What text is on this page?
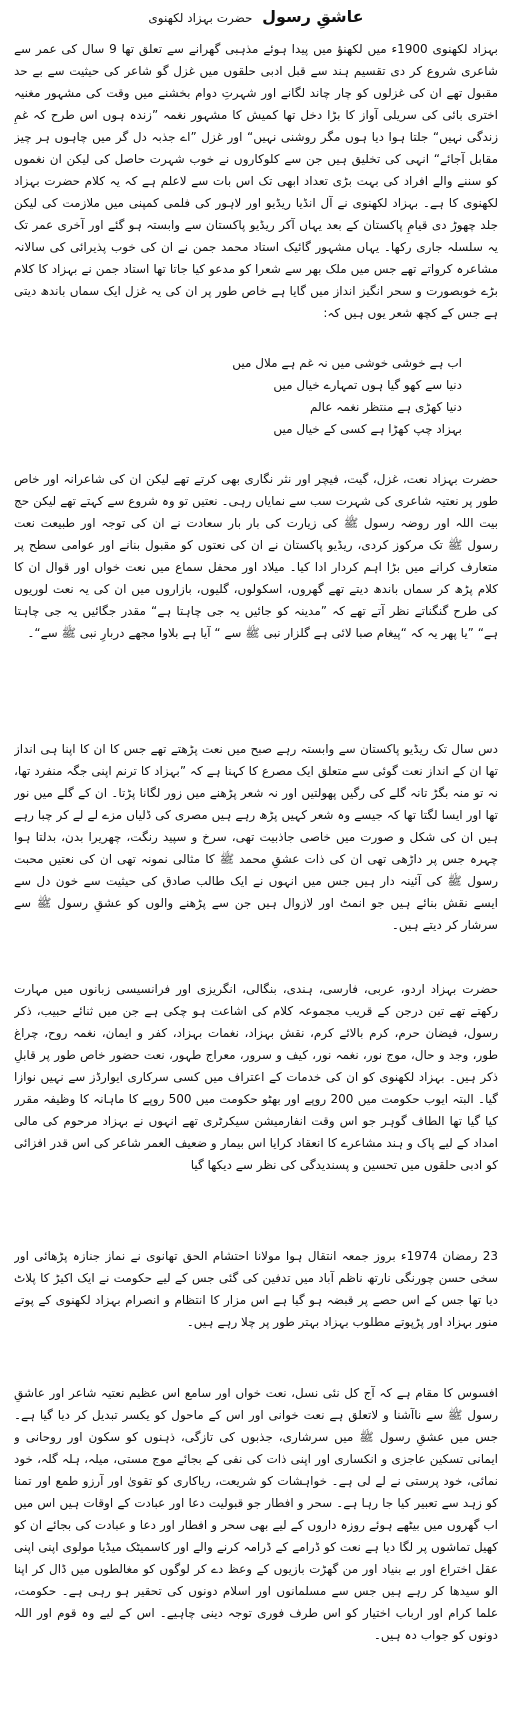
عاشقِ رسول حضرت بہزاد لکھنوی

بہزاد لکھنوی 1900ء میں لکھنؤ میں پیدا ہوئے مذہبی گھرانے سے تعلق تھا 9 سال کی عمر سے شاعری شروع کر دی تقسیم ہند سے قبل ادبی حلقوں میں غزل گو شاعر کی حیثیت سے بے حد مقبول تھے ان کی غزلوں کو چار چاند لگانے اور شہرتِ دوام بخشنے میں وقت کی مشہور مغنیہ اختری بائی کی سریلی آواز کا بڑا دخل تھا کمیش کا مشہور نغمہ ”زندہ ہوں اس طرح کہ غمِ زندگی نہیں“ جلتا ہوا دیا ہوں مگر روشنی نہیں“ اور غزل ”اے جذبہ دل گر میں چاہوں ہر چیز مقابل آجائے“ انہی کی تخلیق ہیں جن سے کلوکاروں نے خوب شہرت حاصل کی لیکن ان نغموں کو سننے والے افراد کی بہت بڑی تعداد ابھی تک اس بات سے لاعلم ہے کہ یہ کلام حضرت بہزاد لکھنوی کا ہے۔ بہزاد لکھنوی نے آل انڈیا ریڈیو اور لاہور کی فلمی کمپنی میں ملازمت کی لیکن جلد چھوڑ دی قیامِ پاکستان کے بعد یہاں آکر ریڈیو پاکستان سے وابستہ ہو گئے اور آخری عمر تک یہ سلسلہ جاری رکھا۔ یہاں مشہور گائیک استاد محمد جمن نے ان کی خوب پذیرائی کی سالانہ مشاعرہ کرواتے تھے جس میں ملک بھر سے شعرا کو مدعو کیا جاتا تھا استاد جمن نے بہزاد کا کلام بڑے خوبصورت و سحر انگیز انداز میں گایا ہے خاص طور پر ان کی یہ غزل ایک سماں باندھ دیتی ہے جس کے کچھ شعر یوں ہیں کہ:

اب ہے خوشی خوشی میں نہ غم ہے ملال میں

دنیا سے کھو گیا ہوں تمہارے خیال میں

دنیا کھڑی ہے منتظر نغمہ عالم

بہزاد چپ کھڑا ہے کسی کے خیال میں

حضرت بہزاد نعت، غزل، گیت، فیچر اور نثر نگاری بھی کرتے تھے لیکن ان کی شاعرانہ اور خاص طور پر نعتیہ شاعری کی شہرت سب سے نمایاں رہی۔ نعتیں تو وہ شروع سے کہتے تھے لیکن حج بیت اللہ اور روضہ رسول ﷺ کی زیارت کی بار بار سعادت نے ان کی توجہ اور طبیعت نعت رسول ﷺ تک مرکوز کردی، ریڈیو پاکستان نے ان کی نعتوں کو مقبول بنانے اور عوامی سطح پر متعارف کرانے میں بڑا اہم کردار ادا کیا۔ میلاد اور محفل سماع میں نعت خواں اور قوال ان کا کلام پڑھ کر سماں باندھ دیتے تھے گھروں، اسکولوں، گلیوں، بازاروں میں ان کی یہ نعت لوریوں کی طرح گنگناتے نظر آتے تھے کہ ”مدینہ کو جائیں یہ جی چاہتا ہے“ مقدر جگائیں یہ جی چاہتا ہے“ ”یا پھر یہ کہ “پیغام صبا لائی ہے گلزار نبی ﷺ سے “ آیا ہے بلاوا مجھے دربارِ نبی ﷺ سے“۔

دس سال تک ریڈیو پاکستان سے وابستہ رہے صبح میں نعت پڑھتے تھے جس کا ان کا اپنا ہی انداز تھا ان کے انداز نعت گوئی سے متعلق ایک مصرع کا کہنا ہے کہ ”بہزاد کا ترنم اپنی جگہ منفرد تھا، نہ تو منہ بگڑ تانہ گلے کی رگیں پھولتیں اور نہ شعر پڑھنے میں زور لگانا پڑتا۔ ان کے گلے میں نور تھا اور ایسا لگتا تھا کہ جیسے وہ شعر کہیں پڑھ رہے ہیں مصری کی ڈلیاں مزے لے لے کر چبا رہے ہیں ان کی شکل و صورت میں خاصی جاذبیت تھی، سرخ و سپید رنگت، چھریرا بدن، بدلتا ہوا چہرہ جس پر داڑھی تھی ان کی ذات عشقِ محمد ﷺ کا مثالی نمونہ تھی ان کی نعتیں محبت رسول ﷺ کی آئینہ دار ہیں جس میں انہوں نے ایک طالب صادق کی حیثیت سے خون دل سے ایسے نقش بنائے ہیں جو انمٹ اور لازوال ہیں جن سے پڑھنے والوں کو عشقِ رسول ﷺ سے سرشار کر دیتے ہیں۔

حضرت بہزاد اردو، عربی، فارسی، ہندی، بنگالی، انگریزی اور فرانسیسی زبانوں میں مہارت رکھتے تھے تین درجن کے قریب مجموعہ کلام کی اشاعت ہو چکی ہے جن میں ثنائے حبیب، ذکر رسول، فیضان حرم، کرم بالائے کرم، نقش بہزاد، نغمات بہزاد، کفر و ایمان، نغمہ روح، چراغ طور، وجد و حال، موج نور، نغمہ نور، کیف و سرور، معراج طہور، نعت حضور خاص طور پر قابلِ ذکر ہیں۔ بہزاد لکھنوی کو ان کی خدمات کے اعتراف میں کسی سرکاری ایوارڈز سے نہیں نوازا گیا۔ البتہ ایوب حکومت میں 200 روپے اور بھٹو حکومت میں 500 روپے کا ماہانہ کا وظیفہ مقرر کیا گیا تھا الطاف گوہر جو اس وقت انفارمیشن سیکرٹری تھے انہوں نے بہزاد مرحوم کی مالی امداد کے لیے پاک و ہند مشاعرے کا انعقاد کرایا اس بیمار و ضعیف العمر شاعر کی اس قدر افزائی کو ادبی حلقوں میں تحسین و پسندیدگی کی نظر سے دیکھا گیا

23 رمضان 1974ء بروز جمعہ انتقال ہوا مولانا احتشام الحق تھانوی نے نماز جنازہ پڑھائی اور سخی حسن چورنگی نارتھ ناظم آباد میں تدفین کی گئی جس کے لیے حکومت نے ایک اکیڑ کا پلاٹ دیا تھا جس کے اس حصے پر قبضہ ہو گیا ہے اس مزار کا انتظام و انصرام بہزاد لکھنوی کے پوتے منور بہزاد اور پڑپوتے مطلوب بہزاد بہتر طور پر چلا رہے ہیں۔

افسوس کا مقام ہے کہ آج کل نئی نسل، نعت خواں اور سامع اس عظیم نعتیہ شاعر اور عاشقِ رسول ﷺ سے ناآشنا و لاتعلق ہے نعت خوانی اور اس کے ماحول کو یکسر تبدیل کر دیا گیا ہے۔ جس میں عشقِ رسول ﷺ میں سرشاری، جذبوں کی تازگی، ذہنوں کو سکون اور روحانی و ایمانی تسکین عاجزی و انکساری اور اپنی ذات کی نفی کے بجائے موج مستی، میلہ، ہلہ گلہ، خود نمائی، خود پرستی نے لے لی ہے۔ خواہشات کو شریعت، ریاکاری کو تقویٰ اور آرزو طمع اور تمنا کو زہد سے تعبیر کیا جا رہا ہے۔ سحر و افطار جو قبولیت دعا اور عبادت کے اوقات ہیں اس میں اب گھروں میں بیٹھے ہوئے روزہ داروں کے لیے بھی سحر و افطار اور دعا و عبادت کی بجائے ان کو کھیل تماشوں پر لگا دیا ہے نعت کو ڈرامے کے ڈرامہ کرنے والے اور کاسمیٹک میڈیا مولوی اپنی اپنی عقل اختراع اور بے بنیاد اور من گھڑت بازیوں کے وعظ دے کر لوگوں کو مغالطوں میں ڈال کر اپنا الو سیدھا کر رہے ہیں جس سے مسلمانوں اور اسلام دونوں کی تحقیر ہو رہی ہے۔ حکومت، علما کرام اور ارباب اختیار کو اس طرف فوری توجہ دینی چاہیے۔ اس کے لیے وہ قوم اور اللہ دونوں کو جواب دہ ہیں۔
